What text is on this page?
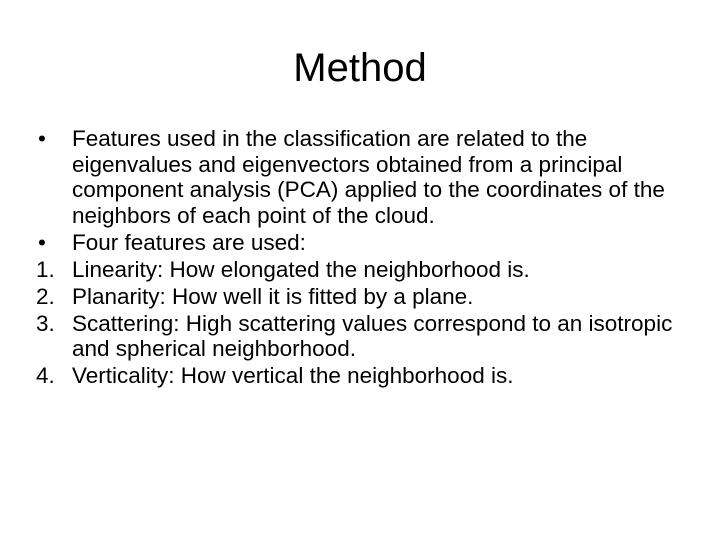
Method
•	Features used in the classification are related to the eigenvalues and eigenvectors obtained from a principal component analysis (PCA) applied to the coordinates of the neighbors of each point of the cloud.
•	Four features are used:
1. Linearity: How elongated the neighborhood is.
2. Planarity: How well it is fitted by a plane.
3. Scattering: High scattering values correspond to an isotropic and spherical neighborhood.
4. Verticality: How vertical the neighborhood is.
